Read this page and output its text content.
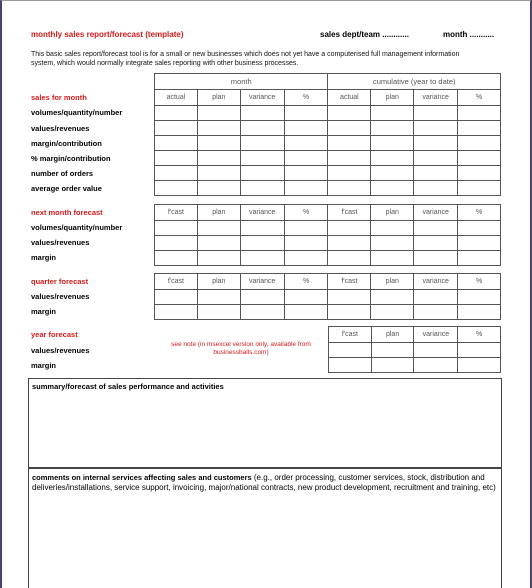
monthly sales report/forecast (template)	sales dept/team ............	month ...........
This basic sales report/forecast tool is for a small or new businesses which does not yet have a computerised full management information system, which would normally integrate sales reporting with other business processes.
month	cumulative (year to date)
sales for month
volumes/quantity/number
values/revenues
margin/contribution
% margin/contribution
number of orders
average order value
actual	plan	variance	%	actual	plan	variance	%

next month forecast
volumes/quantity/number
values/revenues
margin
f'cast	plan	variance	%	f'cast	plan	variance	%

quarter forecast
values/revenues
margin
f'cast	plan	variance	%	f'cast	plan	variance	%

year forecast
values/revenues
margin
see note (in msexcel version only, available from businessballs.com)
f'cast	plan	variance	%

summary/forecast of sales performance and activities
comments on internal services affecting sales and customers (e.g., order processing, customer services, stock, distribution and deliveries/installations, service support, invoicing, major/national contracts, new product development, recruitment and training, etc)
